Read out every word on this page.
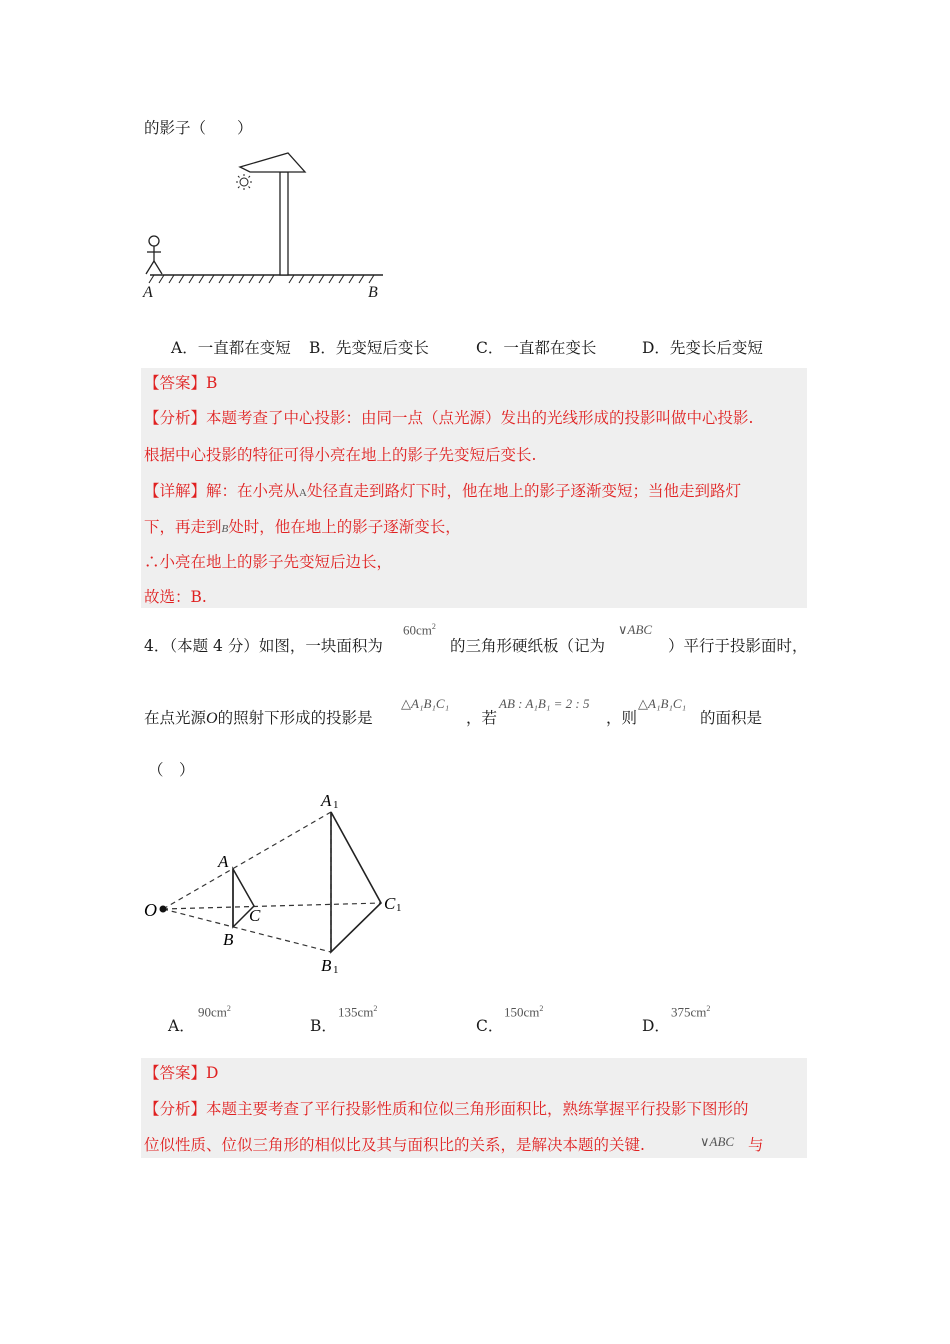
的影子（　　）
A	B
A．一直都在变短 B．先变短后变长	C．一直都在变长	D．先变长后变短
【答案】B
【分析】本题考查了中心投影：由同一点（点光源）发出的光线形成的投影叫做中心投影.
根据中心投影的特征可得小亮在地上的影子先变短后变长.
【详解】解：在小亮从A处径直走到路灯下时，他在地上的影子逐渐变短；当他走到路灯
下，再走到B处时，他在地上的影子逐渐变长，
∴小亮在地上的影子先变短后边长，
故选：B.
4．（本题 4 分）如图，一块面积为
$60cm^2$
的三角形硬纸板（记为
∨ABC
）平行于投影面时，
在点光源O的照射下形成的投影是
△A₁B₁C₁
，若
AB : A₁B₁ = 2 : 5
，则
△A₁B₁C₁
的面积是
（　）
O
A
B
C
A 1
B 1
C 1
A．
$90cm^2$
B．
$135cm^2$
C．
$150cm^2$
D．
$375cm^2$
【答案】D
【分析】本题主要考查了平行投影性质和位似三角形面积比，熟练掌握平行投影下图形的
位似性质、位似三角形的相似比及其与面积比的关系，是解决本题的关键.	∨ABC 与
